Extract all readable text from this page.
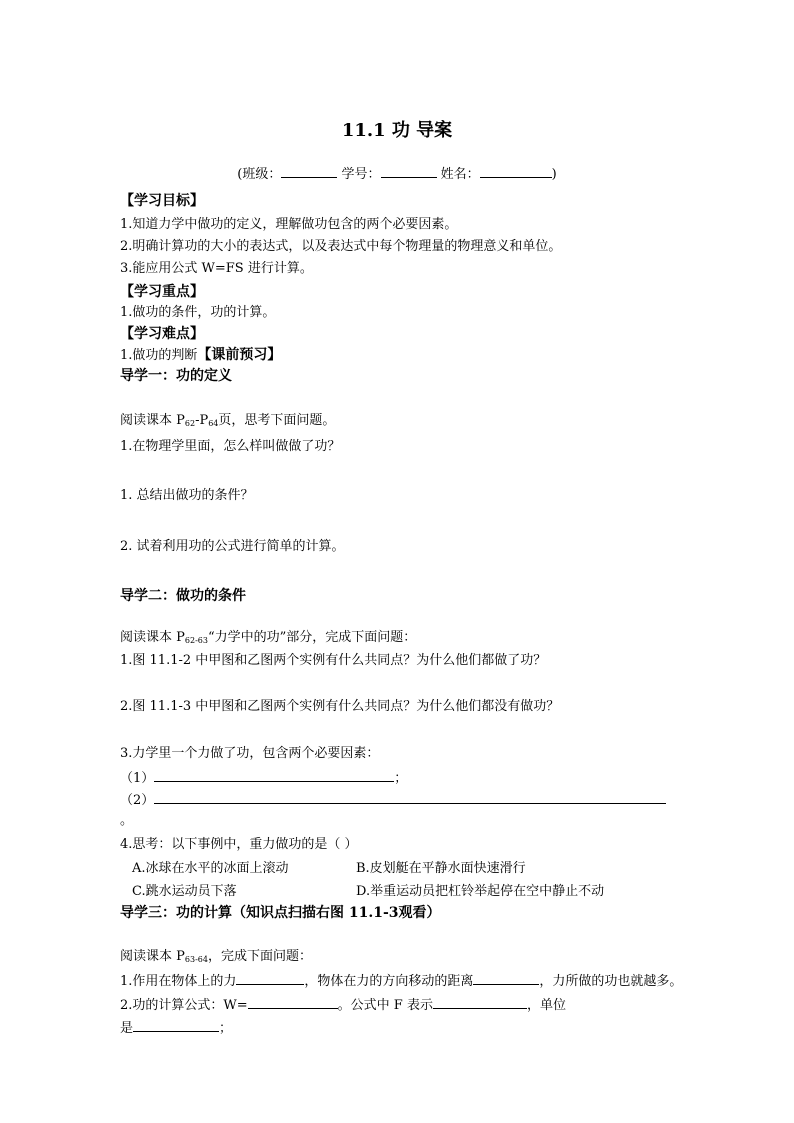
11.1 功 导案
(班级：	学号：	姓名：	)
【学习目标】
1.知道力学中做功的定义，理解做功包含的两个必要因素。
2.明确计算功的大小的表达式，以及表达式中每个物理量的物理意义和单位。
3.能应用公式 W=FS 进行计算。
【学习重点】
1.做功的条件，功的计算。
【学习难点】
1.做功的判断【课前预习】
导学一：功的定义
阅读课本 $P_{62}-P_{64}$页，思考下面问题。
1.在物理学里面，怎么样叫做做了功？
1. 总结出做功的条件？
2. 试着利用功的公式进行简单的计算。
导学二：做功的条件
阅读课本 $P_{62-63}“$力学中的功”部分，完成下面问题：
1.图 11.1-2 中甲图和乙图两个实例有什么共同点？为什么他们都做了功？
2.图 11.1-3 中甲图和乙图两个实例有什么共同点？为什么他们都没有做功？
3.力学里一个力做了功，包含两个必要因素：
（1）	；
（2）
。
4.思考：以下事例中，重力做功的是（ ）
A.冰球在水平的冰面上滚动	B.皮划艇在平静水面快速滑行
C.跳水运动员下落	D.举重运动员把杠铃举起停在空中静止不动
导学三：功的计算（知识点扫描右图 11.1-3观看）
阅读课本 $P_{63-64}$，完成下面问题：
1.作用在物体上的力	，物体在力的方向移动的距离	，力所做的功也就越多。
2.功的计算公式：W=	。公式中 F 表示	，单位
是	；
